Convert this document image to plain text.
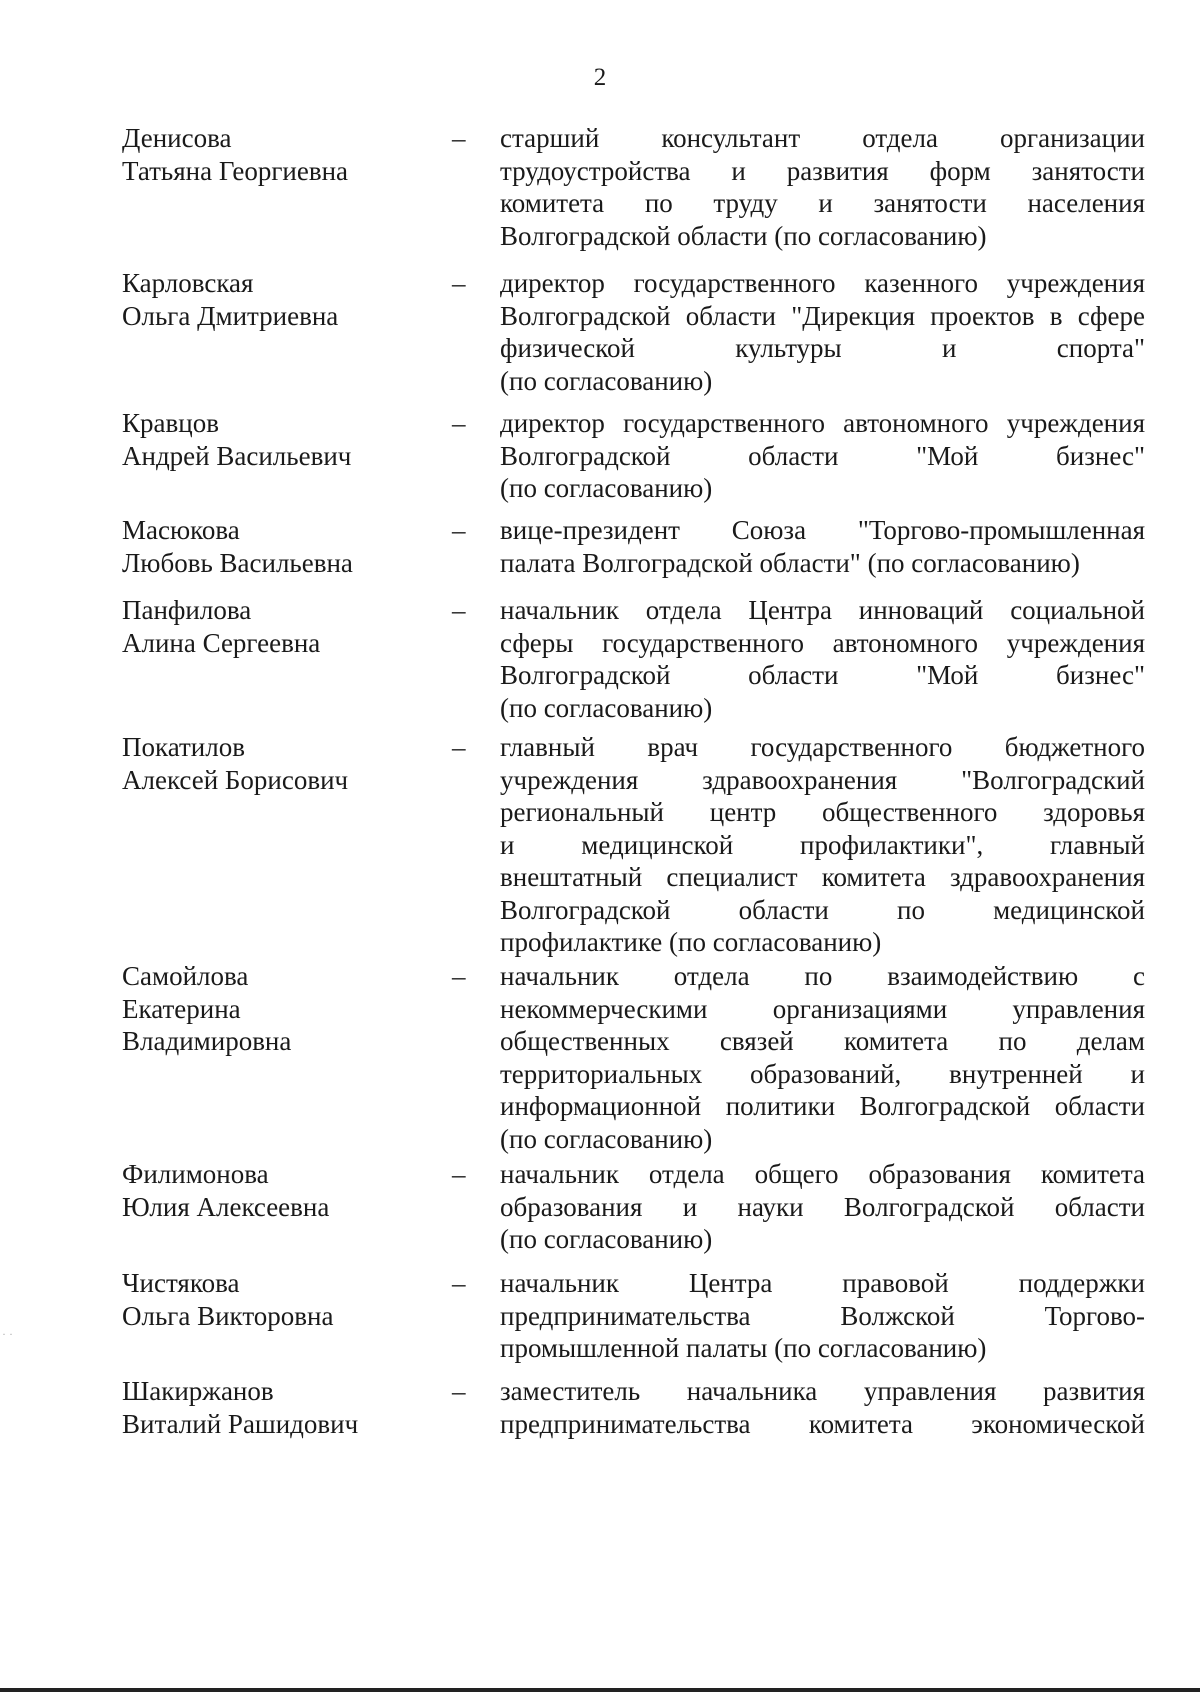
2
Денисова
Татьяна Георгиевна
– старший консультант отдела организации
трудоустройства и развития форм занятости
комитета по труду и занятости населения
Волгоградской области (по согласованию)
Карловская
Ольга Дмитриевна
– директор государственного казенного учреждения
Волгоградской области "Дирекция проектов в сфере
физической культуры и спорта"
(по согласованию)
Кравцов
Андрей Васильевич
– директор государственного автономного учреждения
Волгоградской области "Мой бизнес"
(по согласованию)
Масюкова
Любовь Васильевна
– вице-президент Союза "Торгово-промышленная
палата Волгоградской области" (по согласованию)
Панфилова
Алина Сергеевна
– начальник отдела Центра инноваций социальной
сферы государственного автономного учреждения
Волгоградской области "Мой бизнес"
(по согласованию)
Покатилов
Алексей Борисович
– главный врач государственного бюджетного
учреждения здравоохранения "Волгоградский
региональный центр общественного здоровья
и медицинской профилактики", главный
внештатный специалист комитета здравоохранения
Волгоградской области по медицинской
профилактике (по согласованию)
Самойлова
Екатерина
Владимировна
– начальник отдела по взаимодействию с
некоммерческими организациями управления
общественных связей комитета по делам
территориальных образований, внутренней и
информационной политики Волгоградской области
(по согласованию)
Филимонова
Юлия Алексеевна
– начальник отдела общего образования комитета
образования и науки Волгоградской области
(по согласованию)
Чистякова
Ольга Викторовна
– начальник Центра правовой поддержки
предпринимательства Волжской Торгово-
промышленной палаты (по согласованию)
Шакиржанов
Виталий Рашидович
– заместитель начальника управления развития
предпринимательства комитета экономической
· ·
